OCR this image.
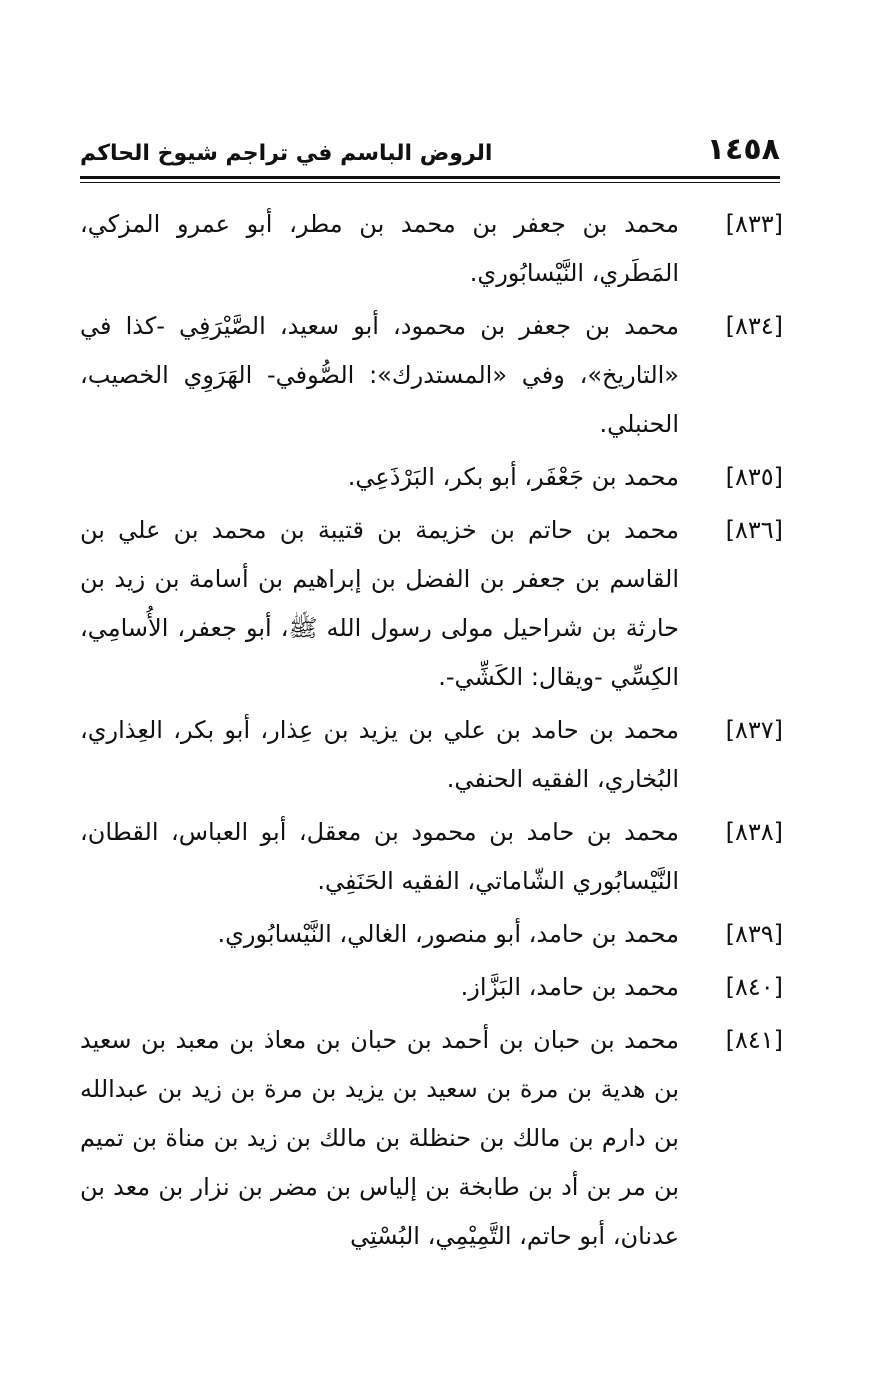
١٤٥٨
الروض الباسم في تراجم شيوخ الحاكم
[٨٣٣]
محمد بن جعفر بن محمد بن مطر، أبو عمرو المزكي، المَطَري، النَّيْسابُوري.
[٨٣٤]
محمد بن جعفر بن محمود، أبو سعيد، الصَّيْرَفِي -كذا في «التاريخ»، وفي «المستدرك»: الصُّوفي- الهَرَوِي الخصيب، الحنبلي.
[٨٣٥]
محمد بن جَعْفَر، أبو بكر، البَرْذَعِي.
[٨٣٦]
محمد بن حاتم بن خزيمة بن قتيبة بن محمد بن علي بن القاسم بن جعفر بن الفضل بن إبراهيم بن أسامة بن زيد بن حارثة بن شراحيل مولى رسول الله ﷺ، أبو جعفر، الأُسامِي، الكِسِّي -ويقال: الكَشِّي-.
[٨٣٧]
محمد بن حامد بن علي بن يزيد بن عِذار، أبو بكر، العِذاري، البُخاري، الفقيه الحنفي.
[٨٣٨]
محمد بن حامد بن محمود بن معقل، أبو العباس، القطان، النَّيْسابُوري الشّاماتي، الفقيه الحَنَفِي.
[٨٣٩]
محمد بن حامد، أبو منصور، الغالي، النَّيْسابُوري.
[٨٤٠]
محمد بن حامد، البَزَّاز.
[٨٤١]
محمد بن حبان بن أحمد بن حبان بن معاذ بن معبد بن سعيد بن هدية بن مرة بن سعيد بن يزيد بن مرة بن زيد بن عبدالله بن دارم بن مالك بن حنظلة بن مالك بن زيد بن مناة بن تميم بن مر بن أد بن طابخة بن إلياس بن مضر بن نزار بن معد بن عدنان، أبو حاتم، التَّمِيْمِي، البُسْتِي
